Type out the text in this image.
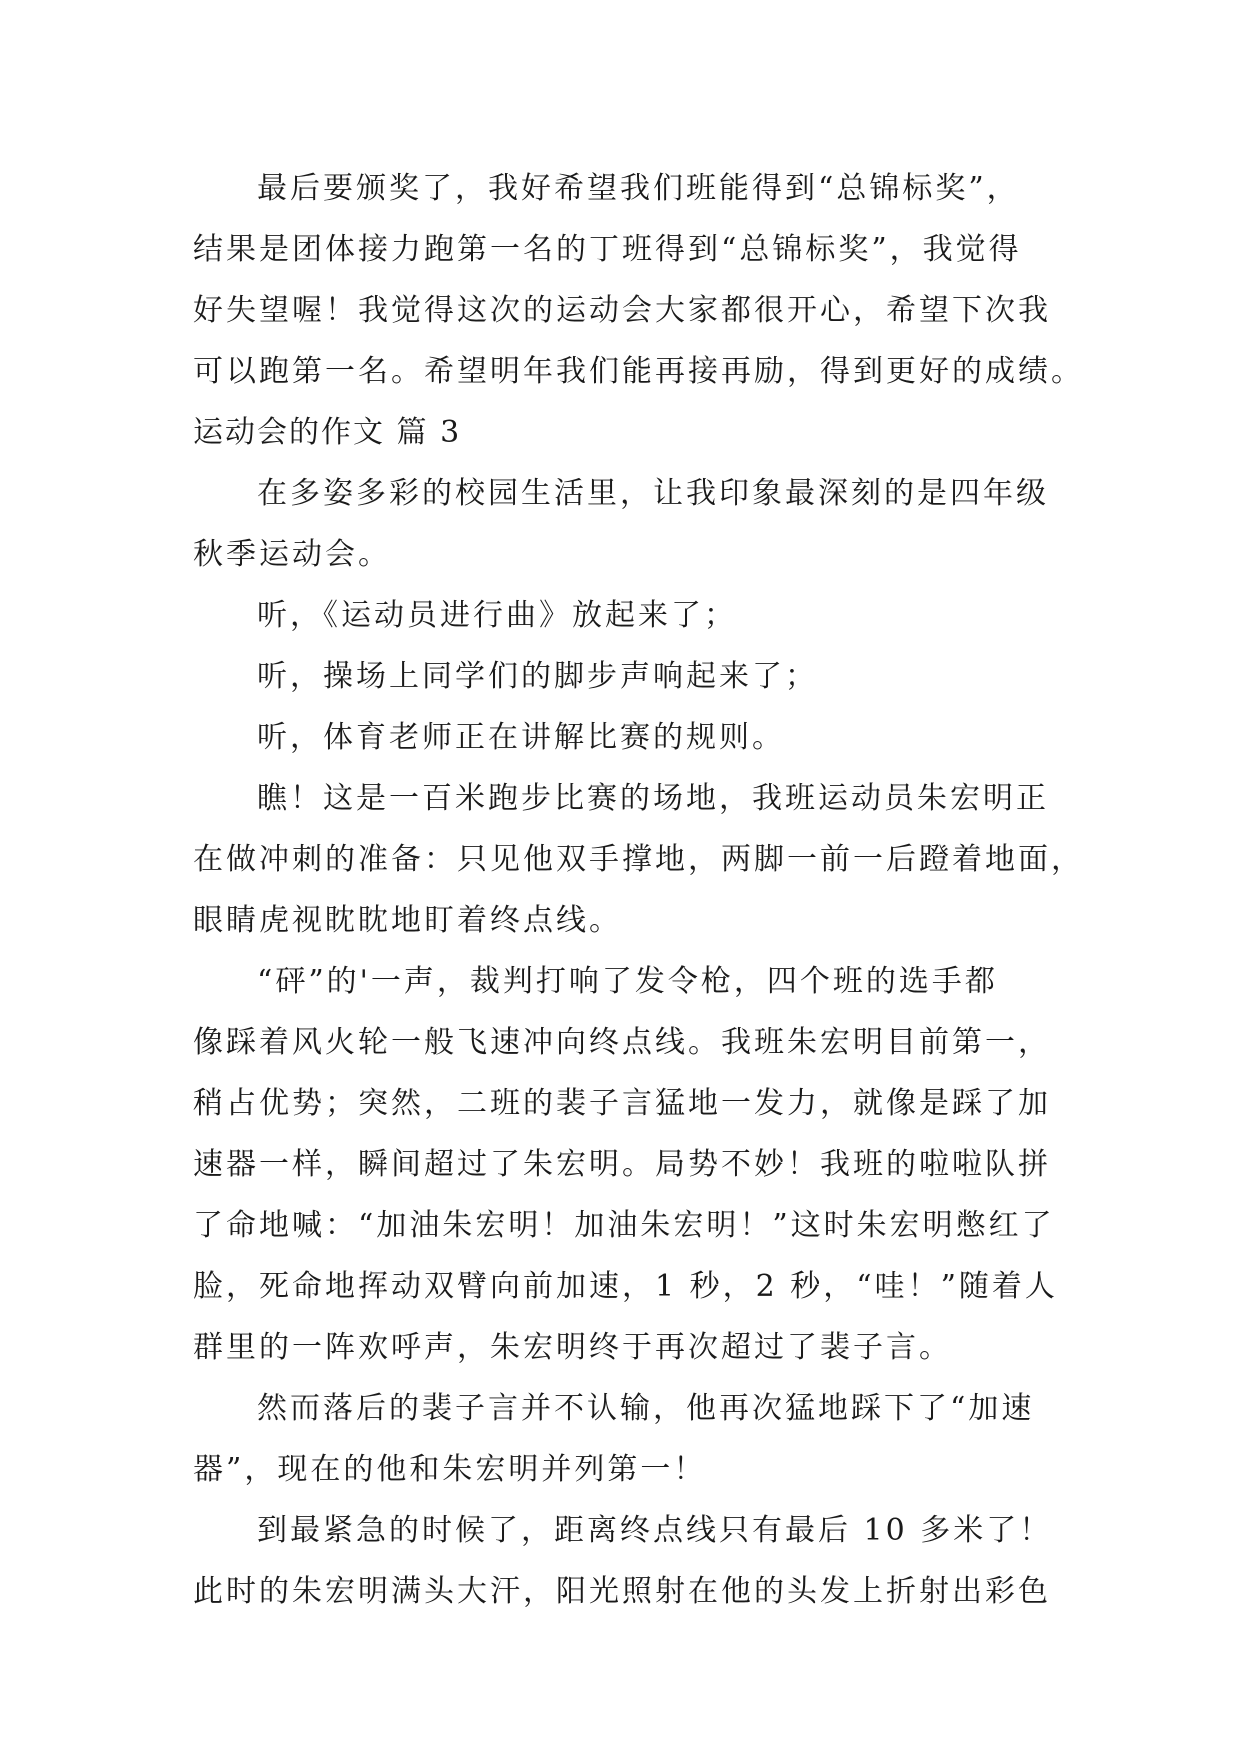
最后要颁奖了，我好希望我们班能得到“总锦标奖”，
结果是团体接力跑第一名的丁班得到“总锦标奖”，我觉得
好失望喔！我觉得这次的运动会大家都很开心，希望下次我
可以跑第一名。希望明年我们能再接再励，得到更好的成绩。
运动会的作文 篇 3
在多姿多彩的校园生活里，让我印象最深刻的是四年级
秋季运动会。
听，《运动员进行曲》放起来了；
听，操场上同学们的脚步声响起来了；
听，体育老师正在讲解比赛的规则。
瞧！这是一百米跑步比赛的场地，我班运动员朱宏明正
在做冲刺的准备：只见他双手撑地，两脚一前一后蹬着地面，
眼睛虎视眈眈地盯着终点线。
“砰”的'一声，裁判打响了发令枪，四个班的选手都
像踩着风火轮一般飞速冲向终点线。我班朱宏明目前第一，
稍占优势；突然，二班的裴子言猛地一发力，就像是踩了加
速器一样，瞬间超过了朱宏明。局势不妙！我班的啦啦队拼
了命地喊：“加油朱宏明！加油朱宏明！”这时朱宏明憋红了
脸，死命地挥动双臂向前加速，1 秒，2 秒，“哇！”随着人
群里的一阵欢呼声，朱宏明终于再次超过了裴子言。
然而落后的裴子言并不认输，他再次猛地踩下了“加速
器”，现在的他和朱宏明并列第一！
到最紧急的时候了，距离终点线只有最后 10 多米了！
此时的朱宏明满头大汗，阳光照射在他的头发上折射出彩色
